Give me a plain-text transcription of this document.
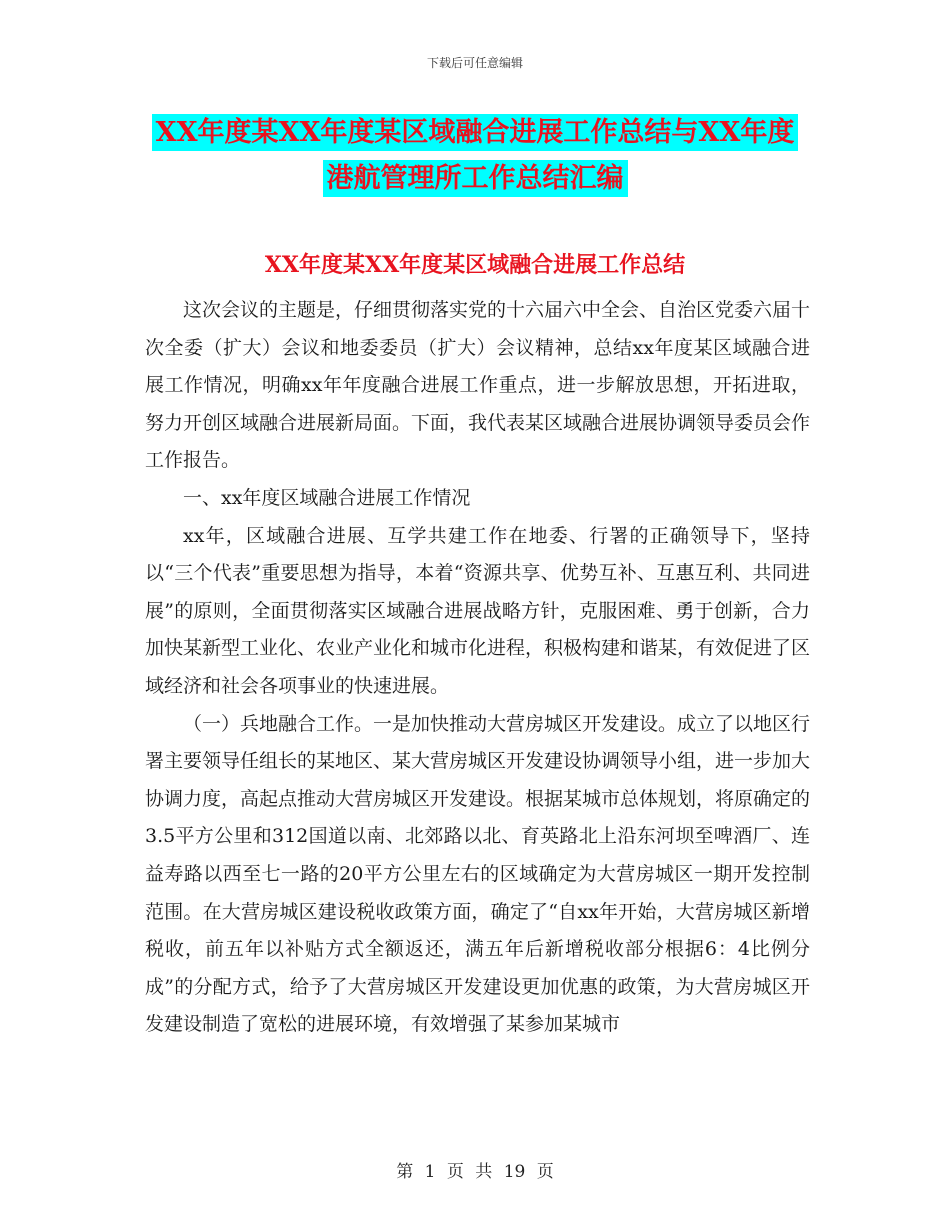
下载后可任意编辑
XX年度某XX年度某区域融合进展工作总结与XX年度
港航管理所工作总结汇编
XX年度某XX年度某区域融合进展工作总结

这次会议的主题是，仔细贯彻落实党的十六届六中全会、自治区党委六届十次全委（扩大）会议和地委委员（扩大）会议精神，总结xx年度某区域融合进展工作情况，明确xx年年度融合进展工作重点，进一步解放思想，开拓进取，努力开创区域融合进展新局面。下面，我代表某区域融合进展协调领导委员会作工作报告。

一、xx年度区域融合进展工作情况

xx年，区域融合进展、互学共建工作在地委、行署的正确领导下，坚持以“三个代表”重要思想为指导，本着“资源共享、优势互补、互惠互利、共同进展”的原则，全面贯彻落实区域融合进展战略方针，克服困难、勇于创新，合力加快某新型工业化、农业产业化和城市化进程，积极构建和谐某，有效促进了区域经济和社会各项事业的快速进展。

（一）兵地融合工作。一是加快推动大营房城区开发建设。成立了以地区行署主要领导任组长的某地区、某大营房城区开发建设协调领导小组，进一步加大协调力度，高起点推动大营房城区开发建设。根据某城市总体规划，将原确定的3.5平方公里和312国道以南、北郊路以北、育英路北上沿东河坝至啤酒厂、连益寿路以西至七一路的20平方公里左右的区域确定为大营房城区一期开发控制范围。在大营房城区建设税收政策方面，确定了“自xx年开始，大营房城区新增税收，前五年以补贴方式全额返还，满五年后新增税收部分根据6：4比例分成”的分配方式，给予了大营房城区开发建设更加优惠的政策，为大营房城区开发建设制造了宽松的进展环境，有效增强了某参加某城市

第 1 页 共 19 页
